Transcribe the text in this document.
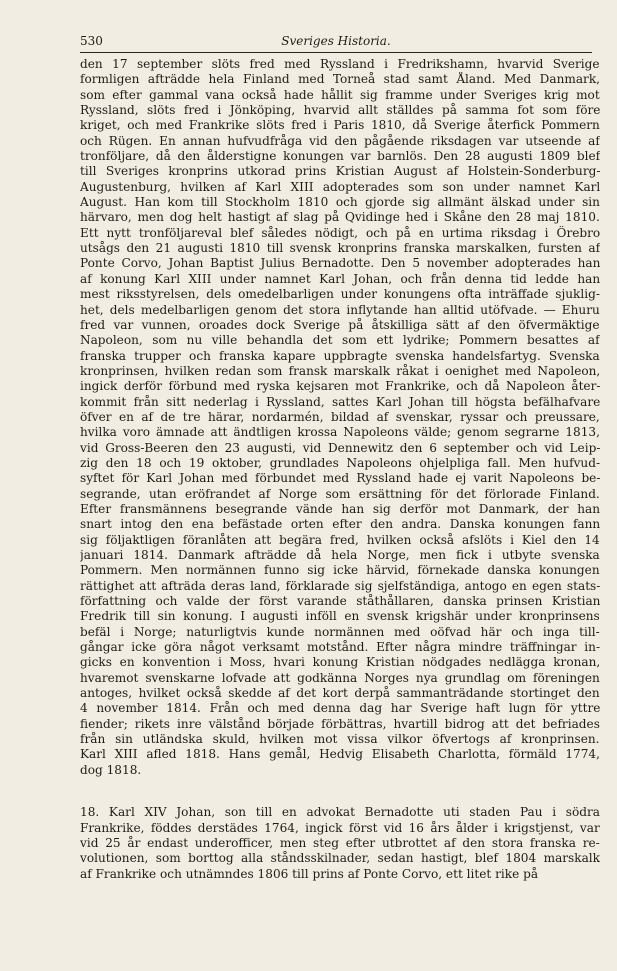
530	Sveriges Historia.
den 17 september slöts fred med Ryssland i Fredrikshamn, hvarvid Sverige
formligen afträdde hela Finland med Torneå stad samt Åland. Med Danmark,
som efter gammal vana också hade hållit sig framme under Sveriges krig mot
Ryssland, slöts fred i Jönköping, hvarvid allt ställdes på samma fot som före
kriget, och med Frankrike slöts fred i Paris 1810, då Sverige återfick Pommern
och Rügen. En annan hufvudfråga vid den pågående riksdagen var utseende af
tronföljare, då den ålderstigne konungen var barnlös. Den 28 augusti 1809 blef
till Sveriges kronprins utkorad prins Kristian August af Holstein-Sonderburg-
Augustenburg, hvilken af Karl XIII adopterades som son under namnet Karl
August. Han kom till Stockholm 1810 och gjorde sig allmänt älskad under sin
härvaro, men dog helt hastigt af slag på Qvidinge hed i Skåne den 28 maj 1810.
Ett nytt tronföljareval blef således nödigt, och på en urtima riksdag i Örebro
utsågs den 21 augusti 1810 till svensk kronprins franska marskalken, fursten af
Ponte Corvo, Johan Baptist Julius Bernadotte. Den 5 november adopterades han
af konung Karl XIII under namnet Karl Johan, och från denna tid ledde han
mest riksstyrelsen, dels omedelbarligen under konungens ofta inträffade sjuklig-
het, dels medelbarligen genom det stora inflytande han alltid utöfvade. — Ehuru
fred var vunnen, oroades dock Sverige på åtskilliga sätt af den öfvermäktige
Napoleon, som nu ville behandla det som ett lydrike; Pommern besattes af
franska trupper och franska kapare uppbragte svenska handelsfartyg. Svenska
kronprinsen, hvilken redan som fransk marskalk råkat i oenighet med Napoleon,
ingick derför förbund med ryska kejsaren mot Frankrike, och då Napoleon åter-
kommit från sitt nederlag i Ryssland, sattes Karl Johan till högsta befälhafvare
öfver en af de tre härar, nordarmén, bildad af svenskar, ryssar och preussare,
hvilka voro ämnade att ändtligen krossa Napoleons välde; genom segrarne 1813,
vid Gross-Beeren den 23 augusti, vid Dennewitz den 6 september och vid Leip-
zig den 18 och 19 oktober, grundlades Napoleons ohjelpliga fall. Men hufvud-
syftet för Karl Johan med förbundet med Ryssland hade ej varit Napoleons be-
segrande, utan eröfrandet af Norge som ersättning för det förlorade Finland.
Efter fransmännens besegrande vände han sig derför mot Danmark, der han
snart intog den ena befästade orten efter den andra. Danska konungen fann
sig följaktligen föranlåten att begära fred, hvilken också afslöts i Kiel den 14
januari 1814. Danmark afträdde då hela Norge, men fick i utbyte svenska
Pommern. Men normännen funno sig icke härvid, förnekade danska konungen
rättighet att afträda deras land, förklarade sig sjelfständiga, antogo en egen stats-
författning och valde der först varande ståthållaren, danska prinsen Kristian
Fredrik till sin konung. I augusti inföll en svensk krigshär under kronprinsens
befäl i Norge; naturligtvis kunde normännen med oöfvad här och inga till-
gångar icke göra något verksamt motstånd. Efter några mindre träffningar in-
gicks en konvention i Moss, hvari konung Kristian nödgades nedlägga kronan,
hvaremot svenskarne lofvade att godkänna Norges nya grundlag om föreningen
antoges, hvilket också skedde af det kort derpå sammanträdande stortinget den
4 november 1814. Från och med denna dag har Sverige haft lugn för yttre
fiender; rikets inre välstånd började förbättras, hvartill bidrog att det befriades
från sin utländska skuld, hvilken mot vissa vilkor öfvertogs af kronprinsen.
Karl XIII afled 1818. Hans gemål, Hedvig Elisabeth Charlotta, förmäld 1774,
dog 1818.
18. Karl XIV Johan, son till en advokat Bernadotte uti staden Pau i södra
Frankrike, föddes derstädes 1764, ingick först vid 16 års ålder i krigstjenst, var
vid 25 år endast underofficer, men steg efter utbrottet af den stora franska re-
volutionen, som borttog alla ståndsskilnader, sedan hastigt, blef 1804 marskalk
af Frankrike och utnämndes 1806 till prins af Ponte Corvo, ett litet rike på
